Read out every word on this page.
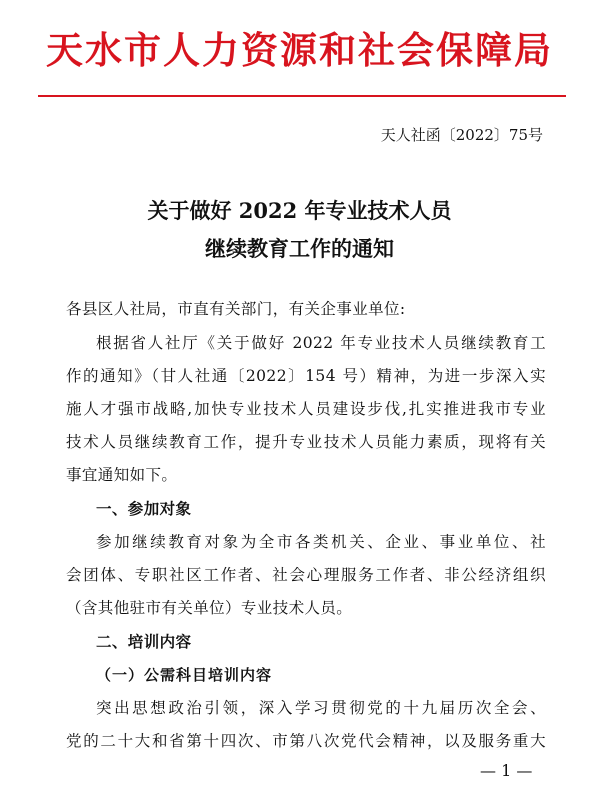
天水市人力资源和社会保障局
天人社函〔2022〕75号
关于做好 2022 年专业技术人员
继续教育工作的通知
各县区人社局，市直有关部门，有关企事业单位:
根据省人社厅《关于做好 2022 年专业技术人员继续教育工
作的通知》（甘人社通〔2022〕154 号）精神，为进一步深入实
施人才强市战略,加快专业技术人员建设步伐,扎实推进我市专业
技术人员继续教育工作，提升专业技术人员能力素质，现将有关
事宜通知如下。
一、参加对象
参加继续教育对象为全市各类机关、企业、事业单位、社
会团体、专职社区工作者、社会心理服务工作者、非公经济组织
（含其他驻市有关单位）专业技术人员。
二、培训内容
（一）公需科目培训内容
突出思想政治引领，深入学习贯彻党的十九届历次全会、
党的二十大和省第十四次、市第八次党代会精神，以及服务重大
— 1 —
